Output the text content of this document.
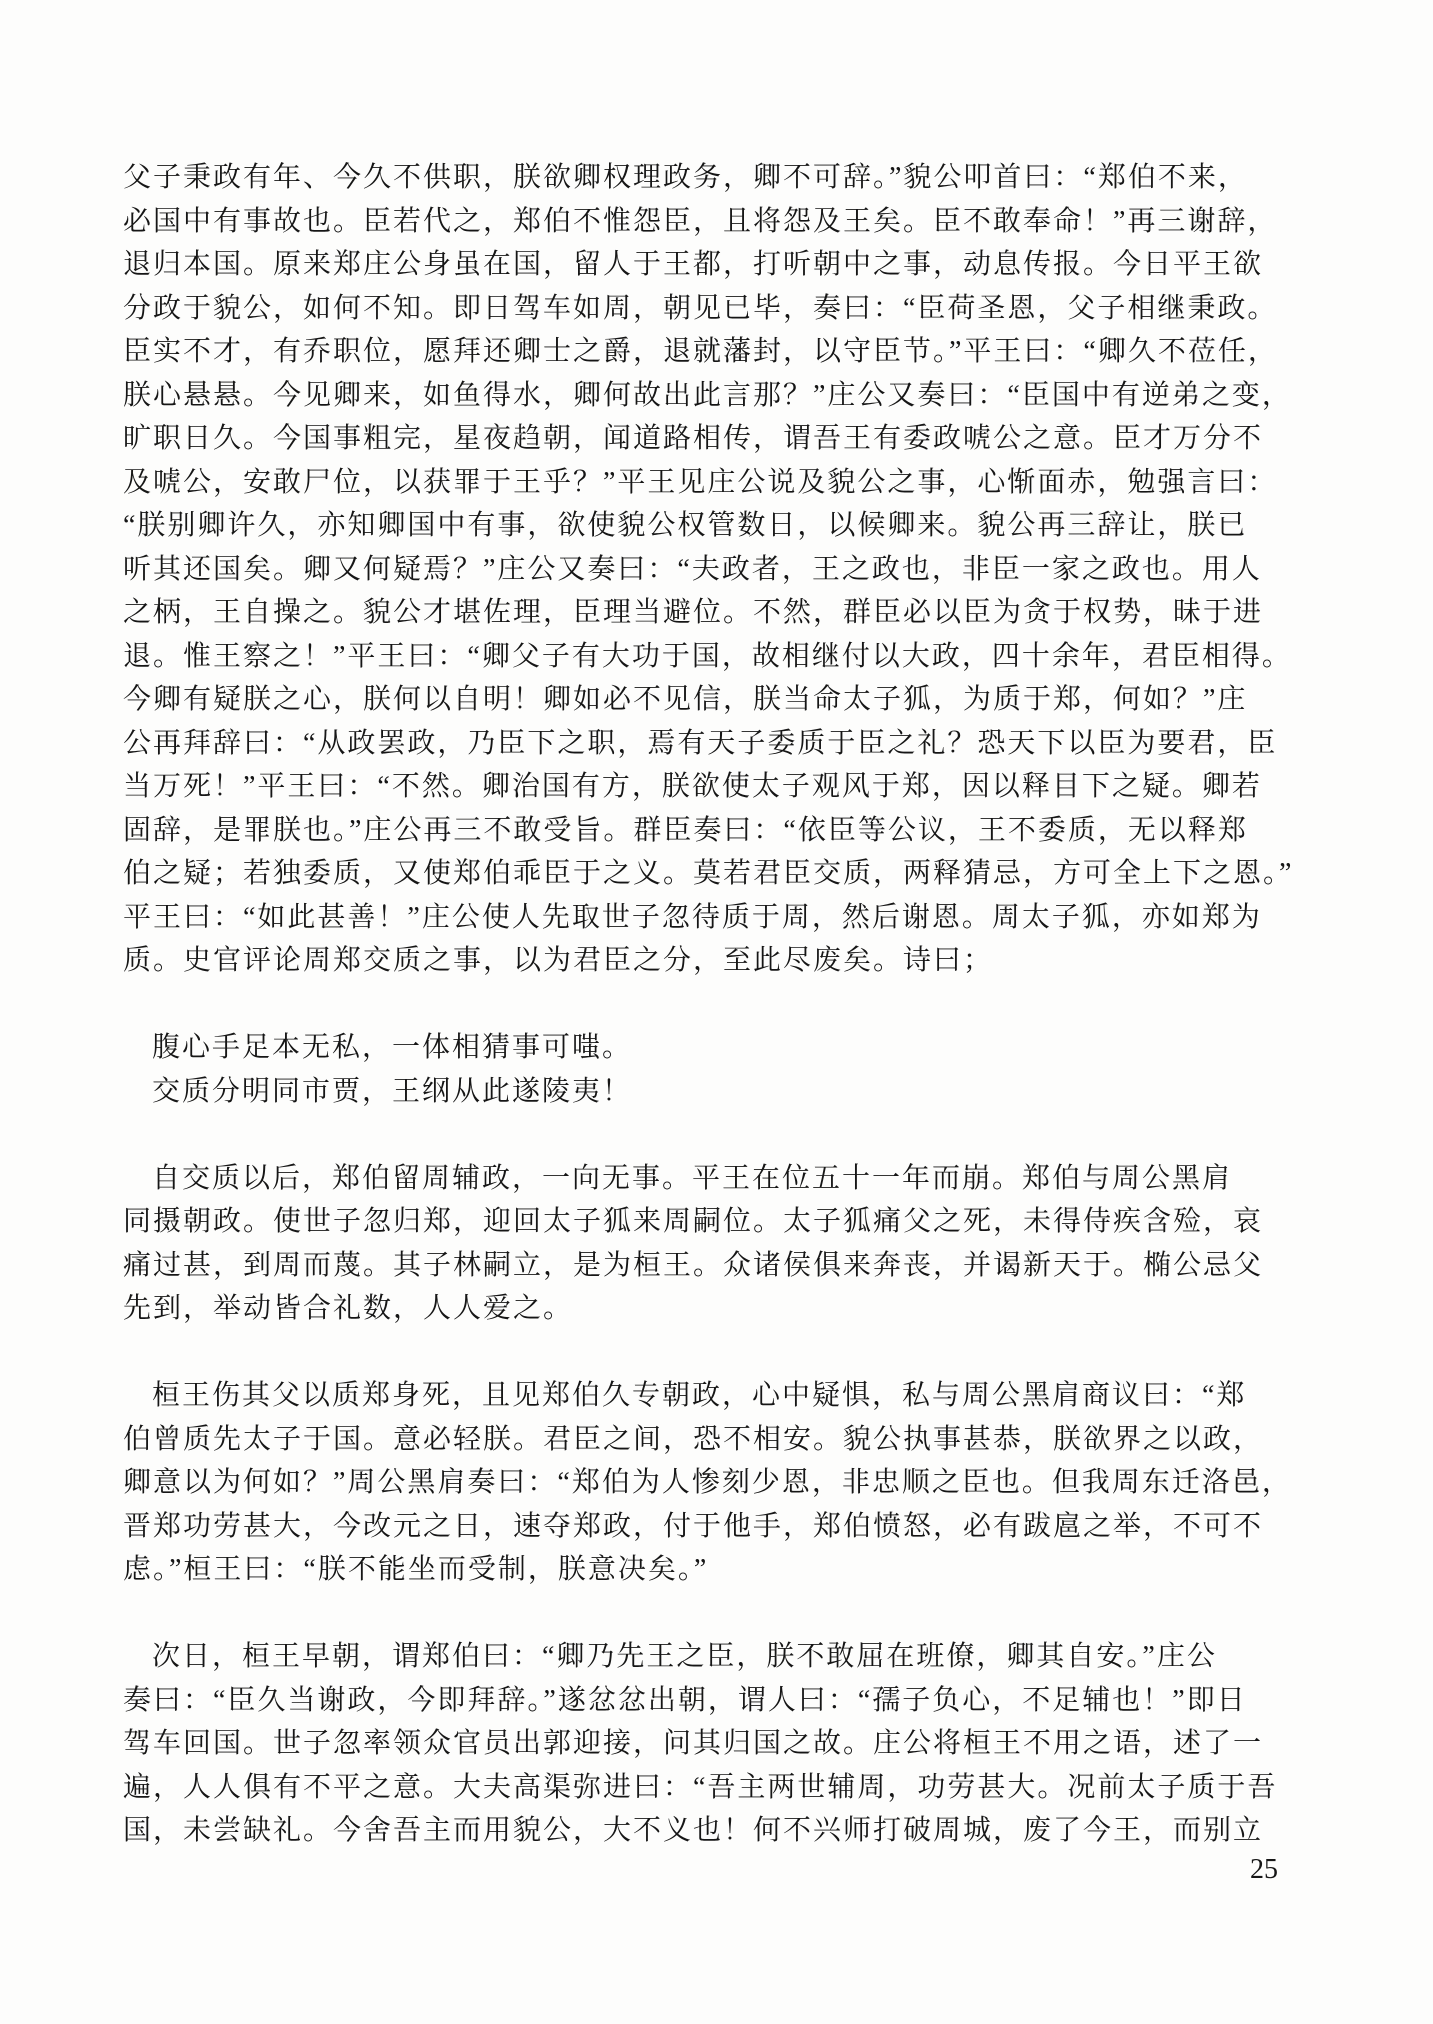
父子秉政有年、今久不供职，朕欲卿权理政务，卿不可辞。”貌公叩首曰：“郑伯不来，
必国中有事故也。臣若代之，郑伯不惟怨臣，且将怨及王矣。臣不敢奉命！”再三谢辞，
退归本国。原来郑庄公身虽在国，留人于王都，打听朝中之事，动息传报。今日平王欲
分政于貌公，如何不知。即日驾车如周，朝见已毕，奏曰：“臣荷圣恩，父子相继秉政。
臣实不才，有乔职位，愿拜还卿士之爵，退就藩封，以守臣节。”平王曰：“卿久不莅任，
朕心悬悬。今见卿来，如鱼得水，卿何故出此言那？”庄公又奏曰：“臣国中有逆弟之变，
旷职日久。今国事粗完，星夜趋朝，闻道路相传，谓吾王有委政唬公之意。臣才万分不
及唬公，安敢尸位，以获罪于王乎？”平王见庄公说及貌公之事，心惭面赤，勉强言曰：
“朕别卿许久，亦知卿国中有事，欲使貌公权管数日，以候卿来。貌公再三辞让，朕已
听其还国矣。卿又何疑焉？”庄公又奏曰：“夫政者，王之政也，非臣一家之政也。用人
之柄，王自操之。貌公才堪佐理，臣理当避位。不然，群臣必以臣为贪于权势，昧于进
退。惟王察之！”平王曰：“卿父子有大功于国，故相继付以大政，四十余年，君臣相得。
今卿有疑朕之心，朕何以自明！卿如必不见信，朕当命太子狐，为质于郑，何如？”庄
公再拜辞曰：“从政罢政，乃臣下之职，焉有天子委质于臣之礼？恐天下以臣为要君，臣
当万死！”平王曰：“不然。卿治国有方，朕欲使太子观风于郑，因以释目下之疑。卿若
固辞，是罪朕也。”庄公再三不敢受旨。群臣奏曰：“依臣等公议，王不委质，无以释郑
伯之疑；若独委质，又使郑伯乖臣于之义。莫若君臣交质，两释猜忌，方可全上下之恩。”
平王曰：“如此甚善！”庄公使人先取世子忽待质于周，然后谢恩。周太子狐，亦如郑为
质。史官评论周郑交质之事，以为君臣之分，至此尽废矣。诗曰；
腹心手足本无私，一体相猜事可嗤。
交质分明同市贾，王纲从此遂陵夷！
自交质以后，郑伯留周辅政，一向无事。平王在位五十一年而崩。郑伯与周公黑肩
同摄朝政。使世子忽归郑，迎回太子狐来周嗣位。太子狐痛父之死，未得侍疾含殓，哀
痛过甚，到周而蔑。其子林嗣立，是为桓王。众诸侯俱来奔丧，并谒新天于。椭公忌父
先到，举动皆合礼数，人人爱之。
桓王伤其父以质郑身死，且见郑伯久专朝政，心中疑惧，私与周公黑肩商议曰：“郑
伯曾质先太子于国。意必轻朕。君臣之间，恐不相安。貌公执事甚恭，朕欲界之以政，
卿意以为何如？”周公黑肩奏曰：“郑伯为人惨刻少恩，非忠顺之臣也。但我周东迁洛邑，
晋郑功劳甚大，今改元之日，速夺郑政，付于他手，郑伯愤怒，必有跋扈之举，不可不
虑。”桓王曰：“朕不能坐而受制，朕意决矣。”
次日，桓王早朝，谓郑伯曰：“卿乃先王之臣，朕不敢屈在班僚，卿其自安。”庄公
奏曰：“臣久当谢政，今即拜辞。”遂忿忿出朝，谓人曰：“孺子负心，不足辅也！”即日
驾车回国。世子忽率领众官员出郭迎接，问其归国之故。庄公将桓王不用之语，述了一
遍，人人俱有不平之意。大夫高渠弥进曰：“吾主两世辅周，功劳甚大。况前太子质于吾
国，未尝缺礼。今舍吾主而用貌公，大不义也！何不兴师打破周城，废了今王，而别立
25
